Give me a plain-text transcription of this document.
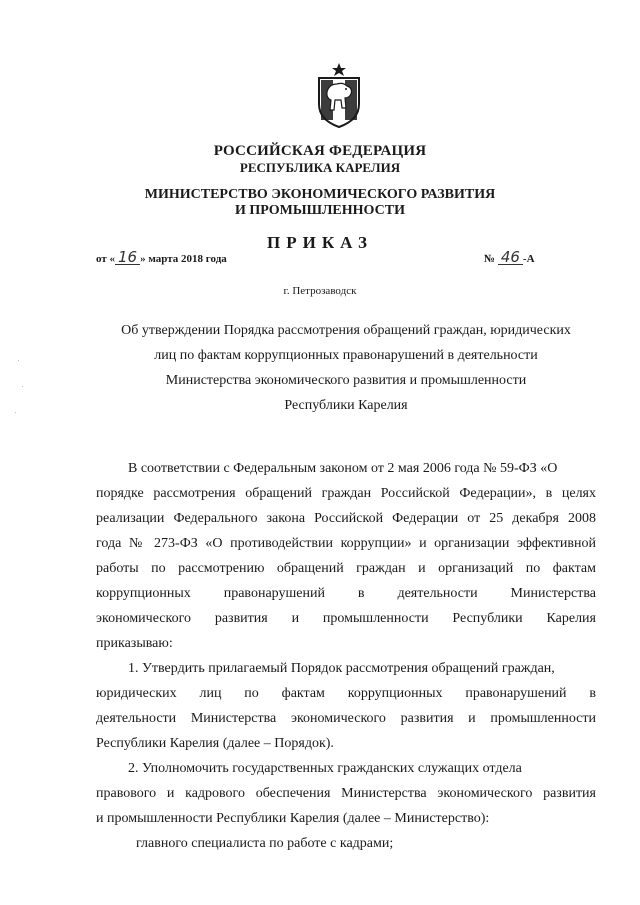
РОССИЙСКАЯ ФЕДЕРАЦИЯ
РЕСПУБЛИКА КАРЕЛИЯ
МИНИСТЕРСТВО ЭКОНОМИЧЕСКОГО РАЗВИТИЯ
И ПРОМЫШЛЕННОСТИ
ПРИКАЗ
от « 16 » марта 2018 года	№ 46 -А
г. Петрозаводск
Об утверждении Порядка рассмотрения обращений граждан, юридических
лиц по фактам коррупционных правонарушений в деятельности
Министерства экономического развития и промышленности
Республики Карелия
В соответствии с Федеральным законом от 2 мая 2006 года № 59-ФЗ «О
порядке рассмотрения обращений граждан Российской Федерации», в целях
реализации Федерального закона Российской Федерации от 25 декабря 2008
года № 273-ФЗ «О противодействии коррупции» и организации эффективной
работы по рассмотрению обращений граждан и организаций по фактам
коррупционных правонарушений в деятельности Министерства
экономического развития и промышленности Республики Карелия
приказываю:
1. Утвердить прилагаемый Порядок рассмотрения обращений граждан,
юридических лиц по фактам коррупционных правонарушений в
деятельности Министерства экономического развития и промышленности
Республики Карелия (далее – Порядок).
2. Уполномочить государственных гражданских служащих отдела
правового и кадрового обеспечения Министерства экономического развития
и промышленности Республики Карелия (далее – Министерство):
главного специалиста по работе с кадрами;
